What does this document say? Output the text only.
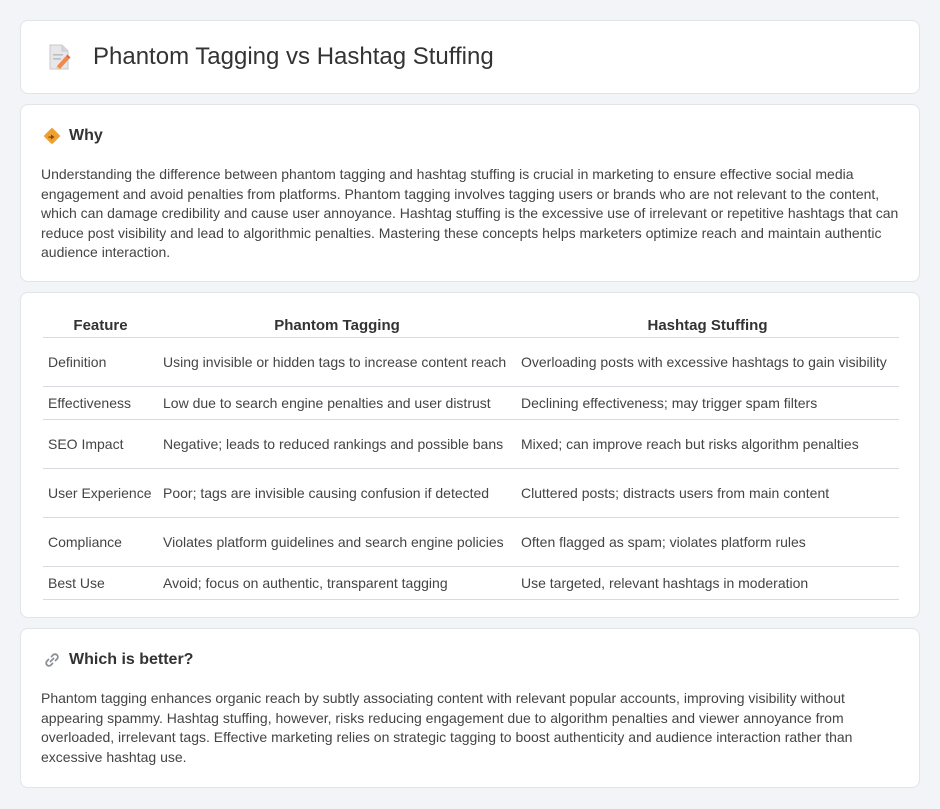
Phantom Tagging vs Hashtag Stuffing
Why

Understanding the difference between phantom tagging and hashtag stuffing is crucial in marketing to ensure effective social media engagement and avoid penalties from platforms. Phantom tagging involves tagging users or brands who are not relevant to the content, which can damage credibility and cause user annoyance. Hashtag stuffing is the excessive use of irrelevant or repetitive hashtags that can reduce post visibility and lead to algorithmic penalties. Mastering these concepts helps marketers optimize reach and maintain authentic audience interaction.

Feature	Phantom Tagging	Hashtag Stuffing
Definition	Using invisible or hidden tags to increase content reach	Overloading posts with excessive hashtags to gain visibility
Effectiveness	Low due to search engine penalties and user distrust	Declining effectiveness; may trigger spam filters
SEO Impact	Negative; leads to reduced rankings and possible bans	Mixed; can improve reach but risks algorithm penalties
User Experience	Poor; tags are invisible causing confusion if detected	Cluttered posts; distracts users from main content
Compliance	Violates platform guidelines and search engine policies	Often flagged as spam; violates platform rules
Best Use	Avoid; focus on authentic, transparent tagging	Use targeted, relevant hashtags in moderation
Which is better?

Phantom tagging enhances organic reach by subtly associating content with relevant popular accounts, improving visibility without appearing spammy. Hashtag stuffing, however, risks reducing engagement due to algorithm penalties and viewer annoyance from overloaded, irrelevant tags. Effective marketing relies on strategic tagging to boost authenticity and audience interaction rather than excessive hashtag use.
